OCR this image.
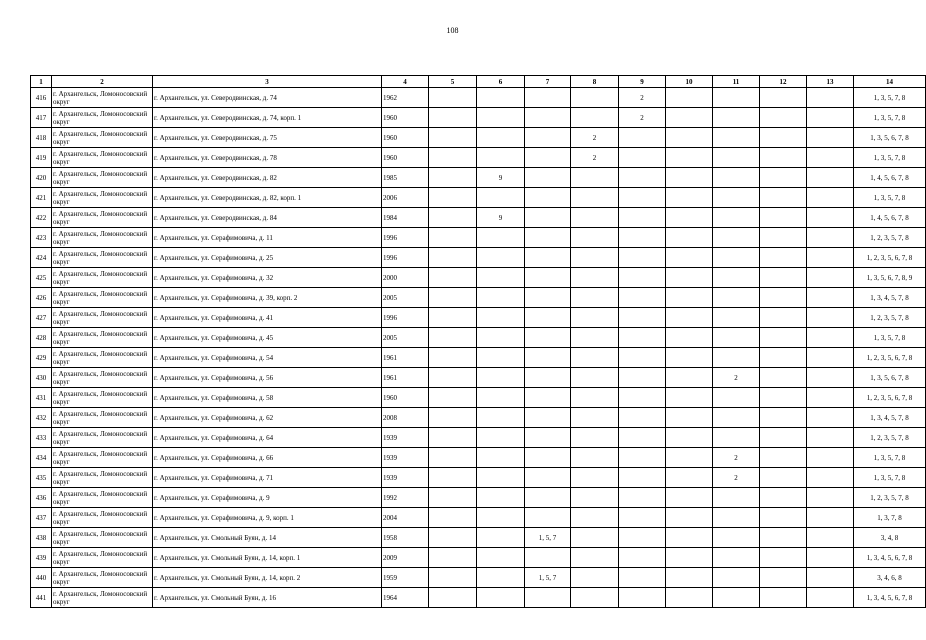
108
1	2	3	4	5	6	7	8	9	10	11	12	13	14
416	г. Архангельск, Ломоносовский округ	г. Архангельск, ул. Северодвинская, д. 74	1962					2					1, 3, 5, 7, 8
417	г. Архангельск, Ломоносовский округ	г. Архангельск, ул. Северодвинская, д. 74, корп. 1	1960					2					1, 3, 5, 7, 8
418	г. Архангельск, Ломоносовский округ	г. Архангельск, ул. Северодвинская, д. 75	1960				2						1, 3, 5, 6, 7, 8
419	г. Архангельск, Ломоносовский округ	г. Архангельск, ул. Северодвинская, д. 78	1960				2						1, 3, 5, 7, 8
420	г. Архангельск, Ломоносовский округ	г. Архангельск, ул. Северодвинская, д. 82	1985		9								1, 4, 5, 6, 7, 8
421	г. Архангельск, Ломоносовский округ	г. Архангельск, ул. Северодвинская, д. 82, корп. 1	2006										1, 3, 5, 7, 8
422	г. Архангельск, Ломоносовский округ	г. Архангельск, ул. Северодвинская, д. 84	1984		9								1, 4, 5, 6, 7, 8
423	г. Архангельск, Ломоносовский округ	г. Архангельск, ул. Серафимовича, д. 11	1996										1, 2, 3, 5, 7, 8
424	г. Архангельск, Ломоносовский округ	г. Архангельск, ул. Серафимовича, д. 25	1996										1, 2, 3, 5, 6, 7, 8
425	г. Архангельск, Ломоносовский округ	г. Архангельск, ул. Серафимовича, д. 32	2000										1, 3, 5, 6, 7, 8, 9
426	г. Архангельск, Ломоносовский округ	г. Архангельск, ул. Серафимовича, д. 39, корп. 2	2005										1, 3, 4, 5, 7, 8
427	г. Архангельск, Ломоносовский округ	г. Архангельск, ул. Серафимовича, д. 41	1996										1, 2, 3, 5, 7, 8
428	г. Архангельск, Ломоносовский округ	г. Архангельск, ул. Серафимовича, д. 45	2005										1, 3, 5, 7, 8
429	г. Архангельск, Ломоносовский округ	г. Архангельск, ул. Серафимовича, д. 54	1961										1, 2, 3, 5, 6, 7, 8
430	г. Архангельск, Ломоносовский округ	г. Архангельск, ул. Серафимовича, д. 56	1961							2			1, 3, 5, 6, 7, 8
431	г. Архангельск, Ломоносовский округ	г. Архангельск, ул. Серафимовича, д. 58	1960										1, 2, 3, 5, 6, 7, 8
432	г. Архангельск, Ломоносовский округ	г. Архангельск, ул. Серафимовича, д. 62	2008										1, 3, 4, 5, 7, 8
433	г. Архангельск, Ломоносовский округ	г. Архангельск, ул. Серафимовича, д. 64	1939										1, 2, 3, 5, 7, 8
434	г. Архангельск, Ломоносовский округ	г. Архангельск, ул. Серафимовича, д. 66	1939							2			1, 3, 5, 7, 8
435	г. Архангельск, Ломоносовский округ	г. Архангельск, ул. Серафимовича, д. 71	1939							2			1, 3, 5, 7, 8
436	г. Архангельск, Ломоносовский округ	г. Архангельск, ул. Серафимовича, д. 9	1992										1, 2, 3, 5, 7, 8
437	г. Архангельск, Ломоносовский округ	г. Архангельск, ул. Серафимовича, д. 9, корп. 1	2004										1, 3, 7, 8
438	г. Архангельск, Ломоносовский округ	г. Архангельск, ул. Смольный Буян, д. 14	1958			1, 5, 7							3, 4, 8
439	г. Архангельск, Ломоносовский округ	г. Архангельск, ул. Смольный Буян, д. 14, корп. 1	2009										1, 3, 4, 5, 6, 7, 8
440	г. Архангельск, Ломоносовский округ	г. Архангельск, ул. Смольный Буян, д. 14, корп. 2	1959			1, 5, 7							3, 4, 6, 8
441	г. Архангельск, Ломоносовский округ	г. Архангельск, ул. Смольный Буян, д. 16	1964										1, 3, 4, 5, 6, 7, 8
